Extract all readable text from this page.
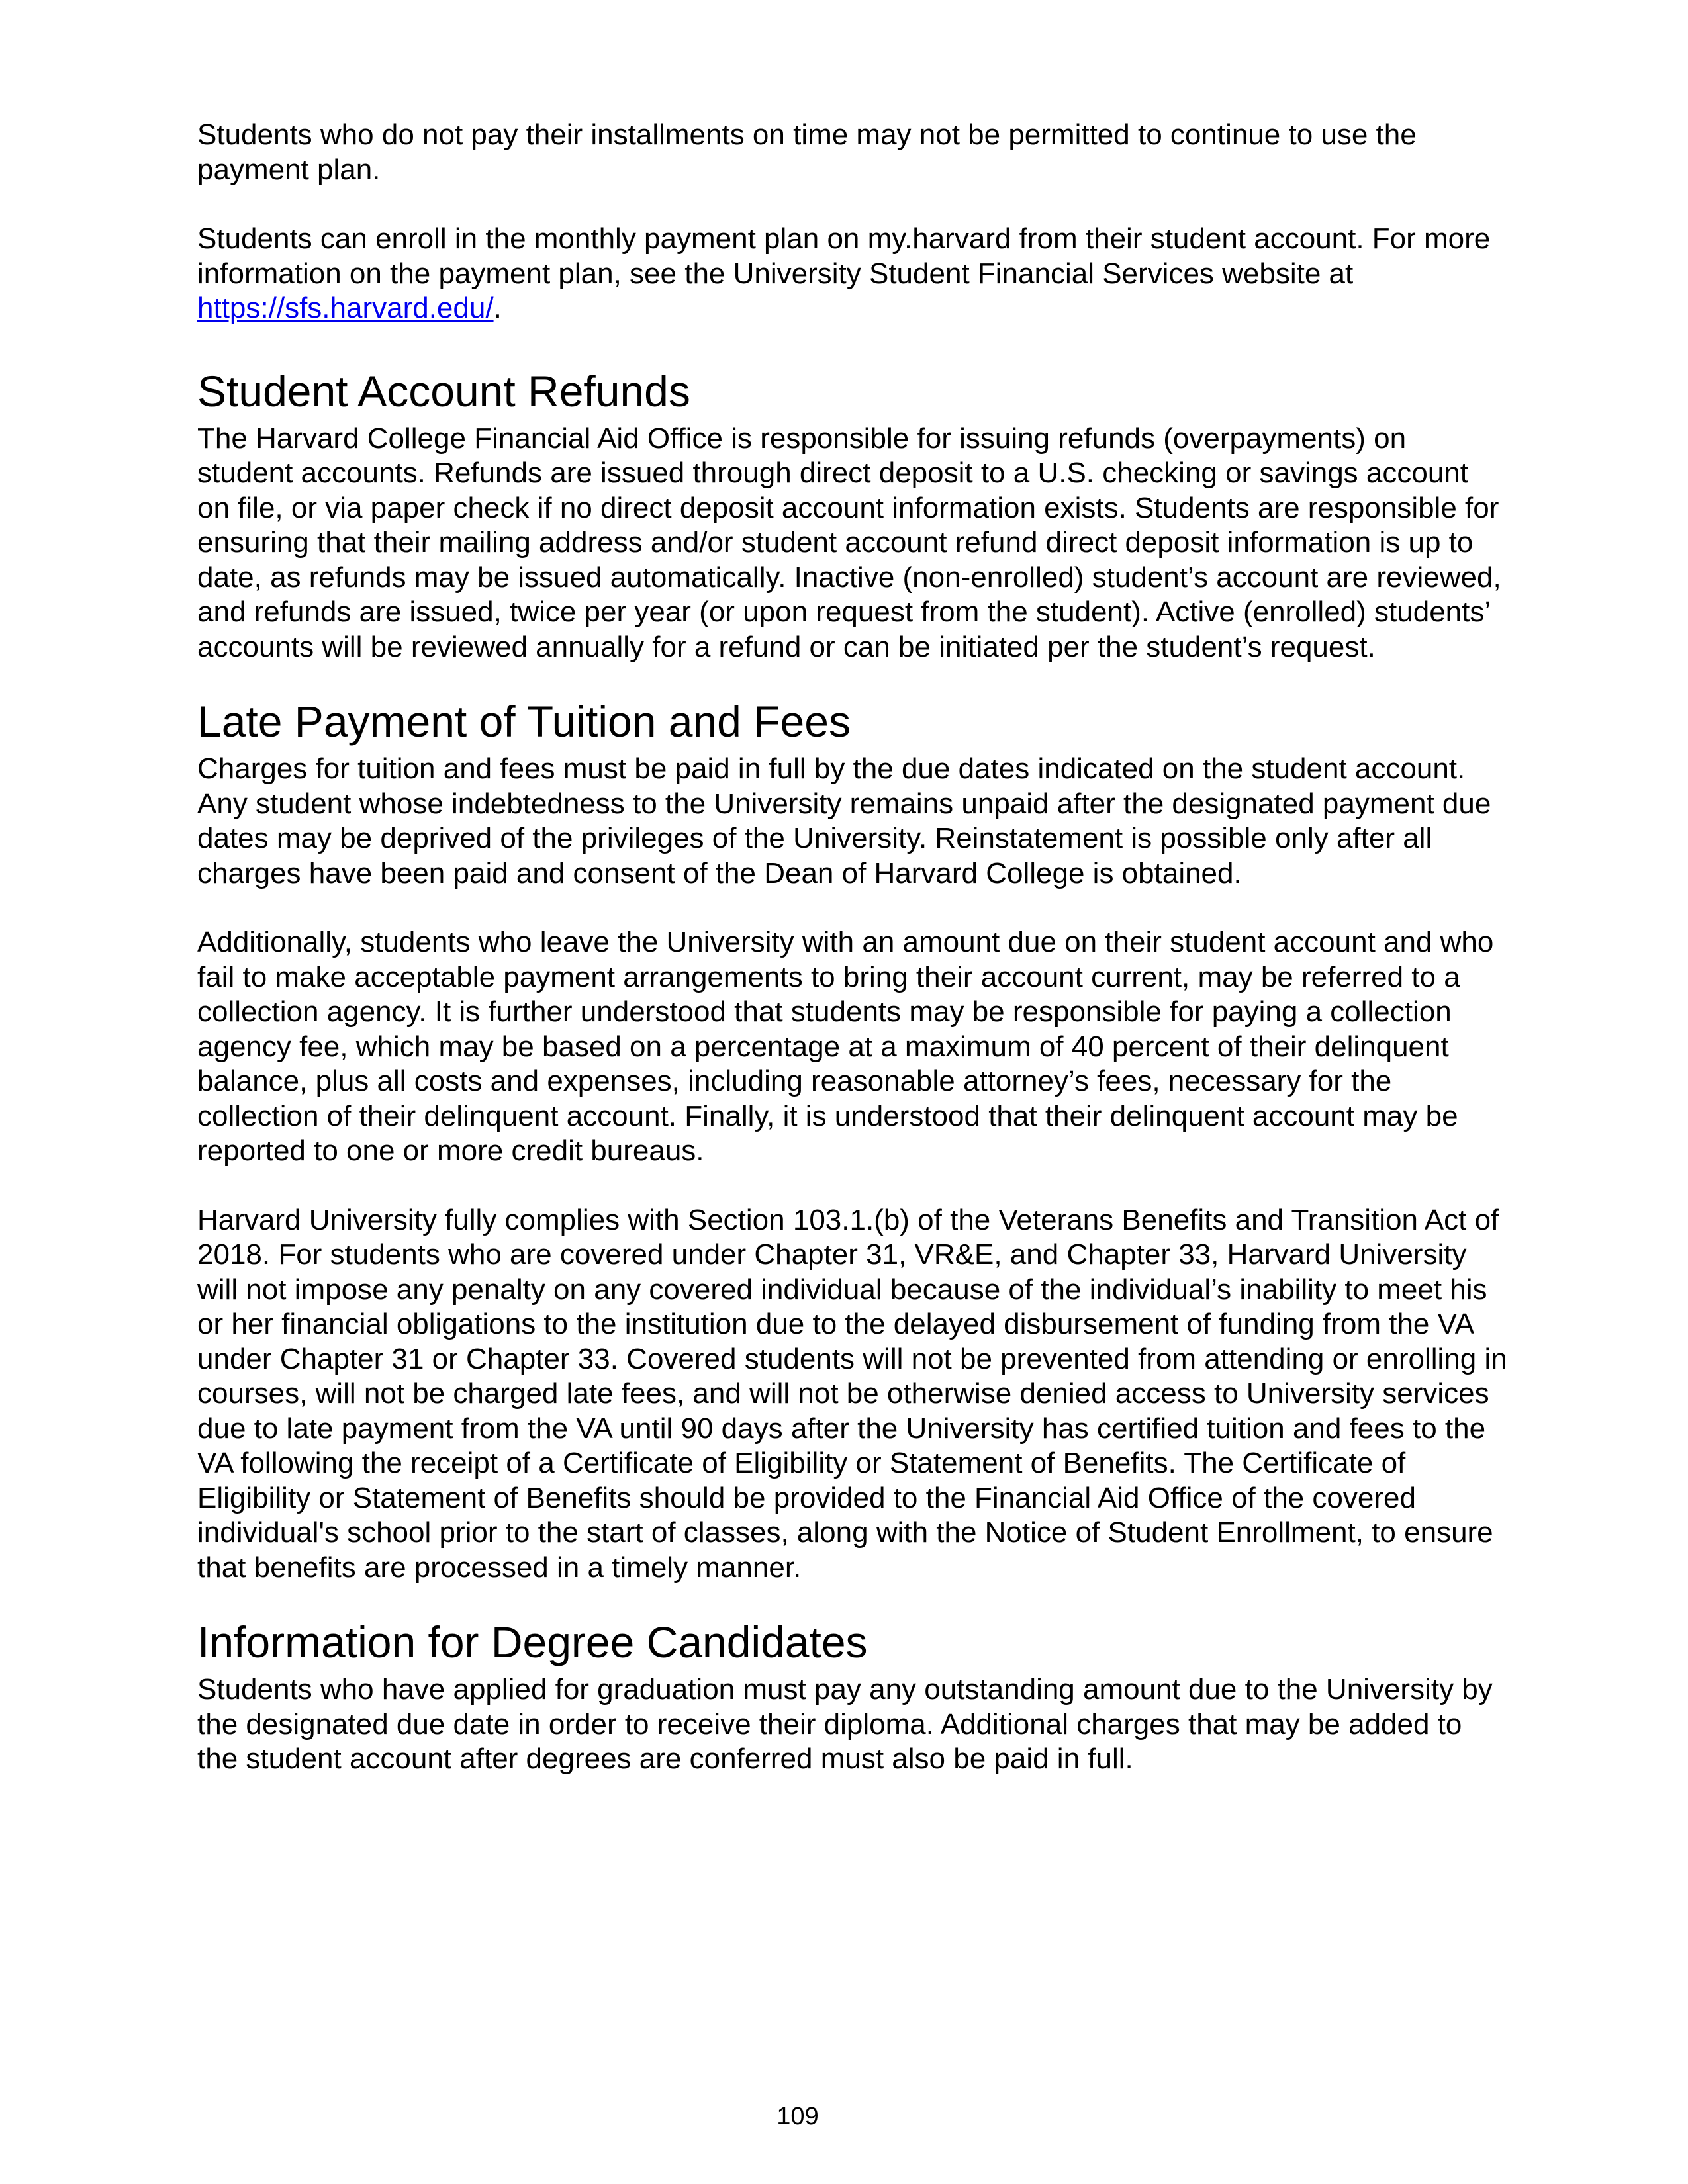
Students who do not pay their installments on time may not be permitted to continue to use the payment plan.

Students can enroll in the monthly payment plan on my.harvard from their student account. For more information on the payment plan, see the University Student Financial Services website at https://sfs.harvard.edu/.

Student Account Refunds

The Harvard College Financial Aid Office is responsible for issuing refunds (overpayments) on student accounts. Refunds are issued through direct deposit to a U.S. checking or savings account on file, or via paper check if no direct deposit account information exists. Students are responsible for ensuring that their mailing address and/or student account refund direct deposit information is up to date, as refunds may be issued automatically. Inactive (non-enrolled) student’s account are reviewed, and refunds are issued, twice per year (or upon request from the student). Active (enrolled) students’ accounts will be reviewed annually for a refund or can be initiated per the student’s request.

Late Payment of Tuition and Fees

Charges for tuition and fees must be paid in full by the due dates indicated on the student account. Any student whose indebtedness to the University remains unpaid after the designated payment due dates may be deprived of the privileges of the University. Reinstatement is possible only after all charges have been paid and consent of the Dean of Harvard College is obtained.

Additionally, students who leave the University with an amount due on their student account and who fail to make acceptable payment arrangements to bring their account current, may be referred to a collection agency. It is further understood that students may be responsible for paying a collection agency fee, which may be based on a percentage at a maximum of 40 percent of their delinquent balance, plus all costs and expenses, including reasonable attorney’s fees, necessary for the collection of their delinquent account. Finally, it is understood that their delinquent account may be reported to one or more credit bureaus.

Harvard University fully complies with Section 103.1.(b) of the Veterans Benefits and Transition Act of 2018. For students who are covered under Chapter 31, VR&E, and Chapter 33, Harvard University will not impose any penalty on any covered individual because of the individual’s inability to meet his or her financial obligations to the institution due to the delayed disbursement of funding from the VA under Chapter 31 or Chapter 33. Covered students will not be prevented from attending or enrolling in courses, will not be charged late fees, and will not be otherwise denied access to University services due to late payment from the VA until 90 days after the University has certified tuition and fees to the VA following the receipt of a Certificate of Eligibility or Statement of Benefits. The Certificate of Eligibility or Statement of Benefits should be provided to the Financial Aid Office of the covered individual's school prior to the start of classes, along with the Notice of Student Enrollment, to ensure that benefits are processed in a timely manner.

Information for Degree Candidates

Students who have applied for graduation must pay any outstanding amount due to the University by the designated due date in order to receive their diploma. Additional charges that may be added to the student account after degrees are conferred must also be paid in full.

109
